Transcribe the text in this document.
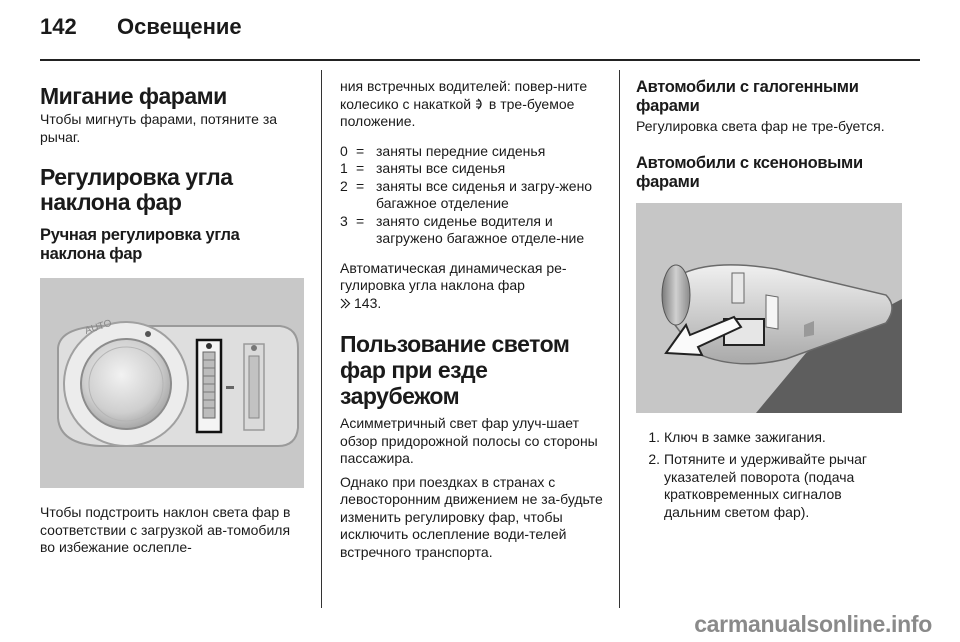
142 Освещение
Мигание фарами

Чтобы мигнуть фарами, потяните за рычаг.

Регулировка угла наклона фар
Ручная регулировка угла наклона фар
AUTO

Чтобы подстроить наклон света фар в соответствии с загрузкой ав-томобиля во избежание ослепле-

ния встречных водителей: повер-ните колесико с накаткой  в тре-буемое положение.

0 = заняты передние сиденья
1 = заняты все сиденья
2 = заняты все сиденья и загру-жено багажное отделение
3 = занято сиденье водителя и загружено багажное отделе-ние

Автоматическая динамическая ре-гулировка угла наклона фар
143.

Пользование светом фар при езде зарубежом

Асимметричный свет фар улуч-шает обзор придорожной полосы со стороны пассажира.

Однако при поездках в странах с левосторонним движением не за-будьте изменить регулировку фар, чтобы исключить ослепление води-телей встречного транспорта.

Автомобили с галогенными фарами

Регулировка света фар не тре-буется.

Автомобили с ксеноновыми фарами
1. Ключ в замке зажигания.
2. Потяните и удерживайте рычаг указателей поворота (подача кратковременных сигналов дальним светом фар).
carmanualsonline.info
